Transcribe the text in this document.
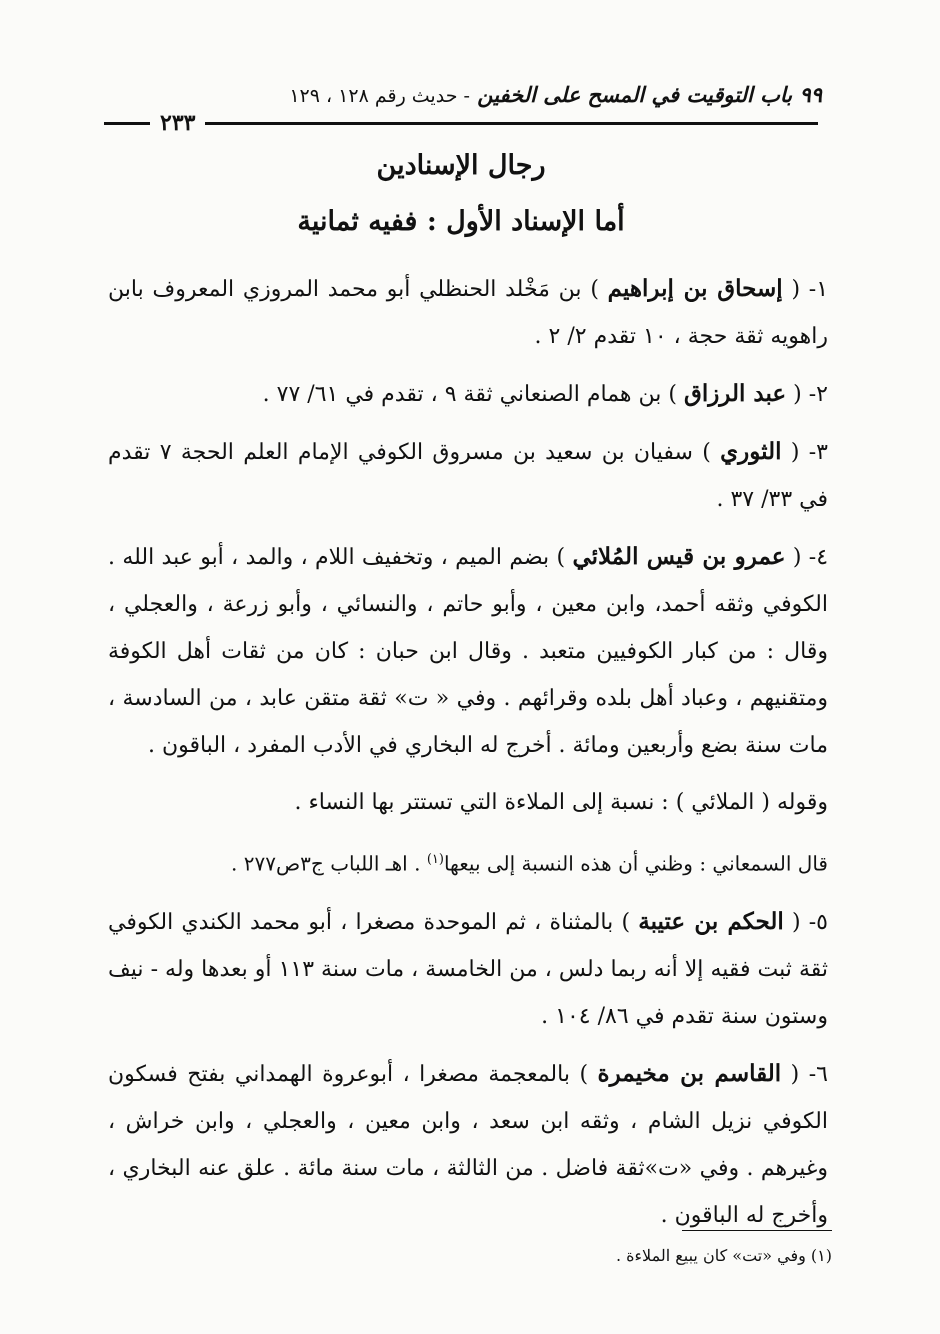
٩٩ باب التوقيت في المسح على الخفين - حديث رقم ١٢٨ ، ١٢٩
٢٣٣
رجال الإسنادين
أما الإسناد الأول : ففيه ثمانية

١- ( إسحاق بن إبراهيم ) بن مَخْلد الحنظلي أبو محمد المروزي المعروف بابن راهويه ثقة حجة ، ١٠ تقدم ٢/ ٢ .

٢- ( عبد الرزاق ) بن همام الصنعاني ثقة ٩ ، تقدم في ٦١/ ٧٧ .

٣- ( الثوري ) سفيان بن سعيد بن مسروق الكوفي الإمام العلم الحجة ٧ تقدم في ٣٣/ ٣٧ .

٤- ( عمرو بن قيس المُلائي ) بضم الميم ، وتخفيف اللام ، والمد ، أبو عبد الله . الكوفي وثقه أحمد، وابن معين ، وأبو حاتم ، والنسائي ، وأبو زرعة ، والعجلي ، وقال : من كبار الكوفيين متعبد . وقال ابن حبان : كان من ثقات أهل الكوفة ومتقنيهم ، وعباد أهل بلده وقرائهم . وفي « ت» ثقة متقن عابد ، من السادسة ، مات سنة بضع وأربعين ومائة . أخرج له البخاري في الأدب المفرد ، الباقون .

وقوله ( الملائي ) : نسبة إلى الملاءة التي تستتر بها النساء .

قال السمعاني : وظني أن هذه النسبة إلى بيعها$^{(١)}$ . اهـ اللباب ج٣ص٢٧٧ .

٥- ( الحكم بن عتيبة ) بالمثناة ، ثم الموحدة مصغرا ، أبو محمد الكندي الكوفي ثقة ثبت فقيه إلا أنه ربما دلس ، من الخامسة ، مات سنة ١١٣ أو بعدها وله - نيف وستون سنة تقدم في ٨٦/ ١٠٤ .

٦- ( القاسم بن مخيمرة ) بالمعجمة مصغرا ، أبوعروة الهمداني بفتح فسكون الكوفي نزيل الشام ، وثقه ابن سعد ، وابن معين ، والعجلي ، وابن خراش ، وغيرهم . وفي «ت»ثقة فاضل . من الثالثة ، مات سنة مائة . علق عنه البخاري ، وأخرج له الباقون .

(١) وفي «تت» كان يبيع الملاءة .
